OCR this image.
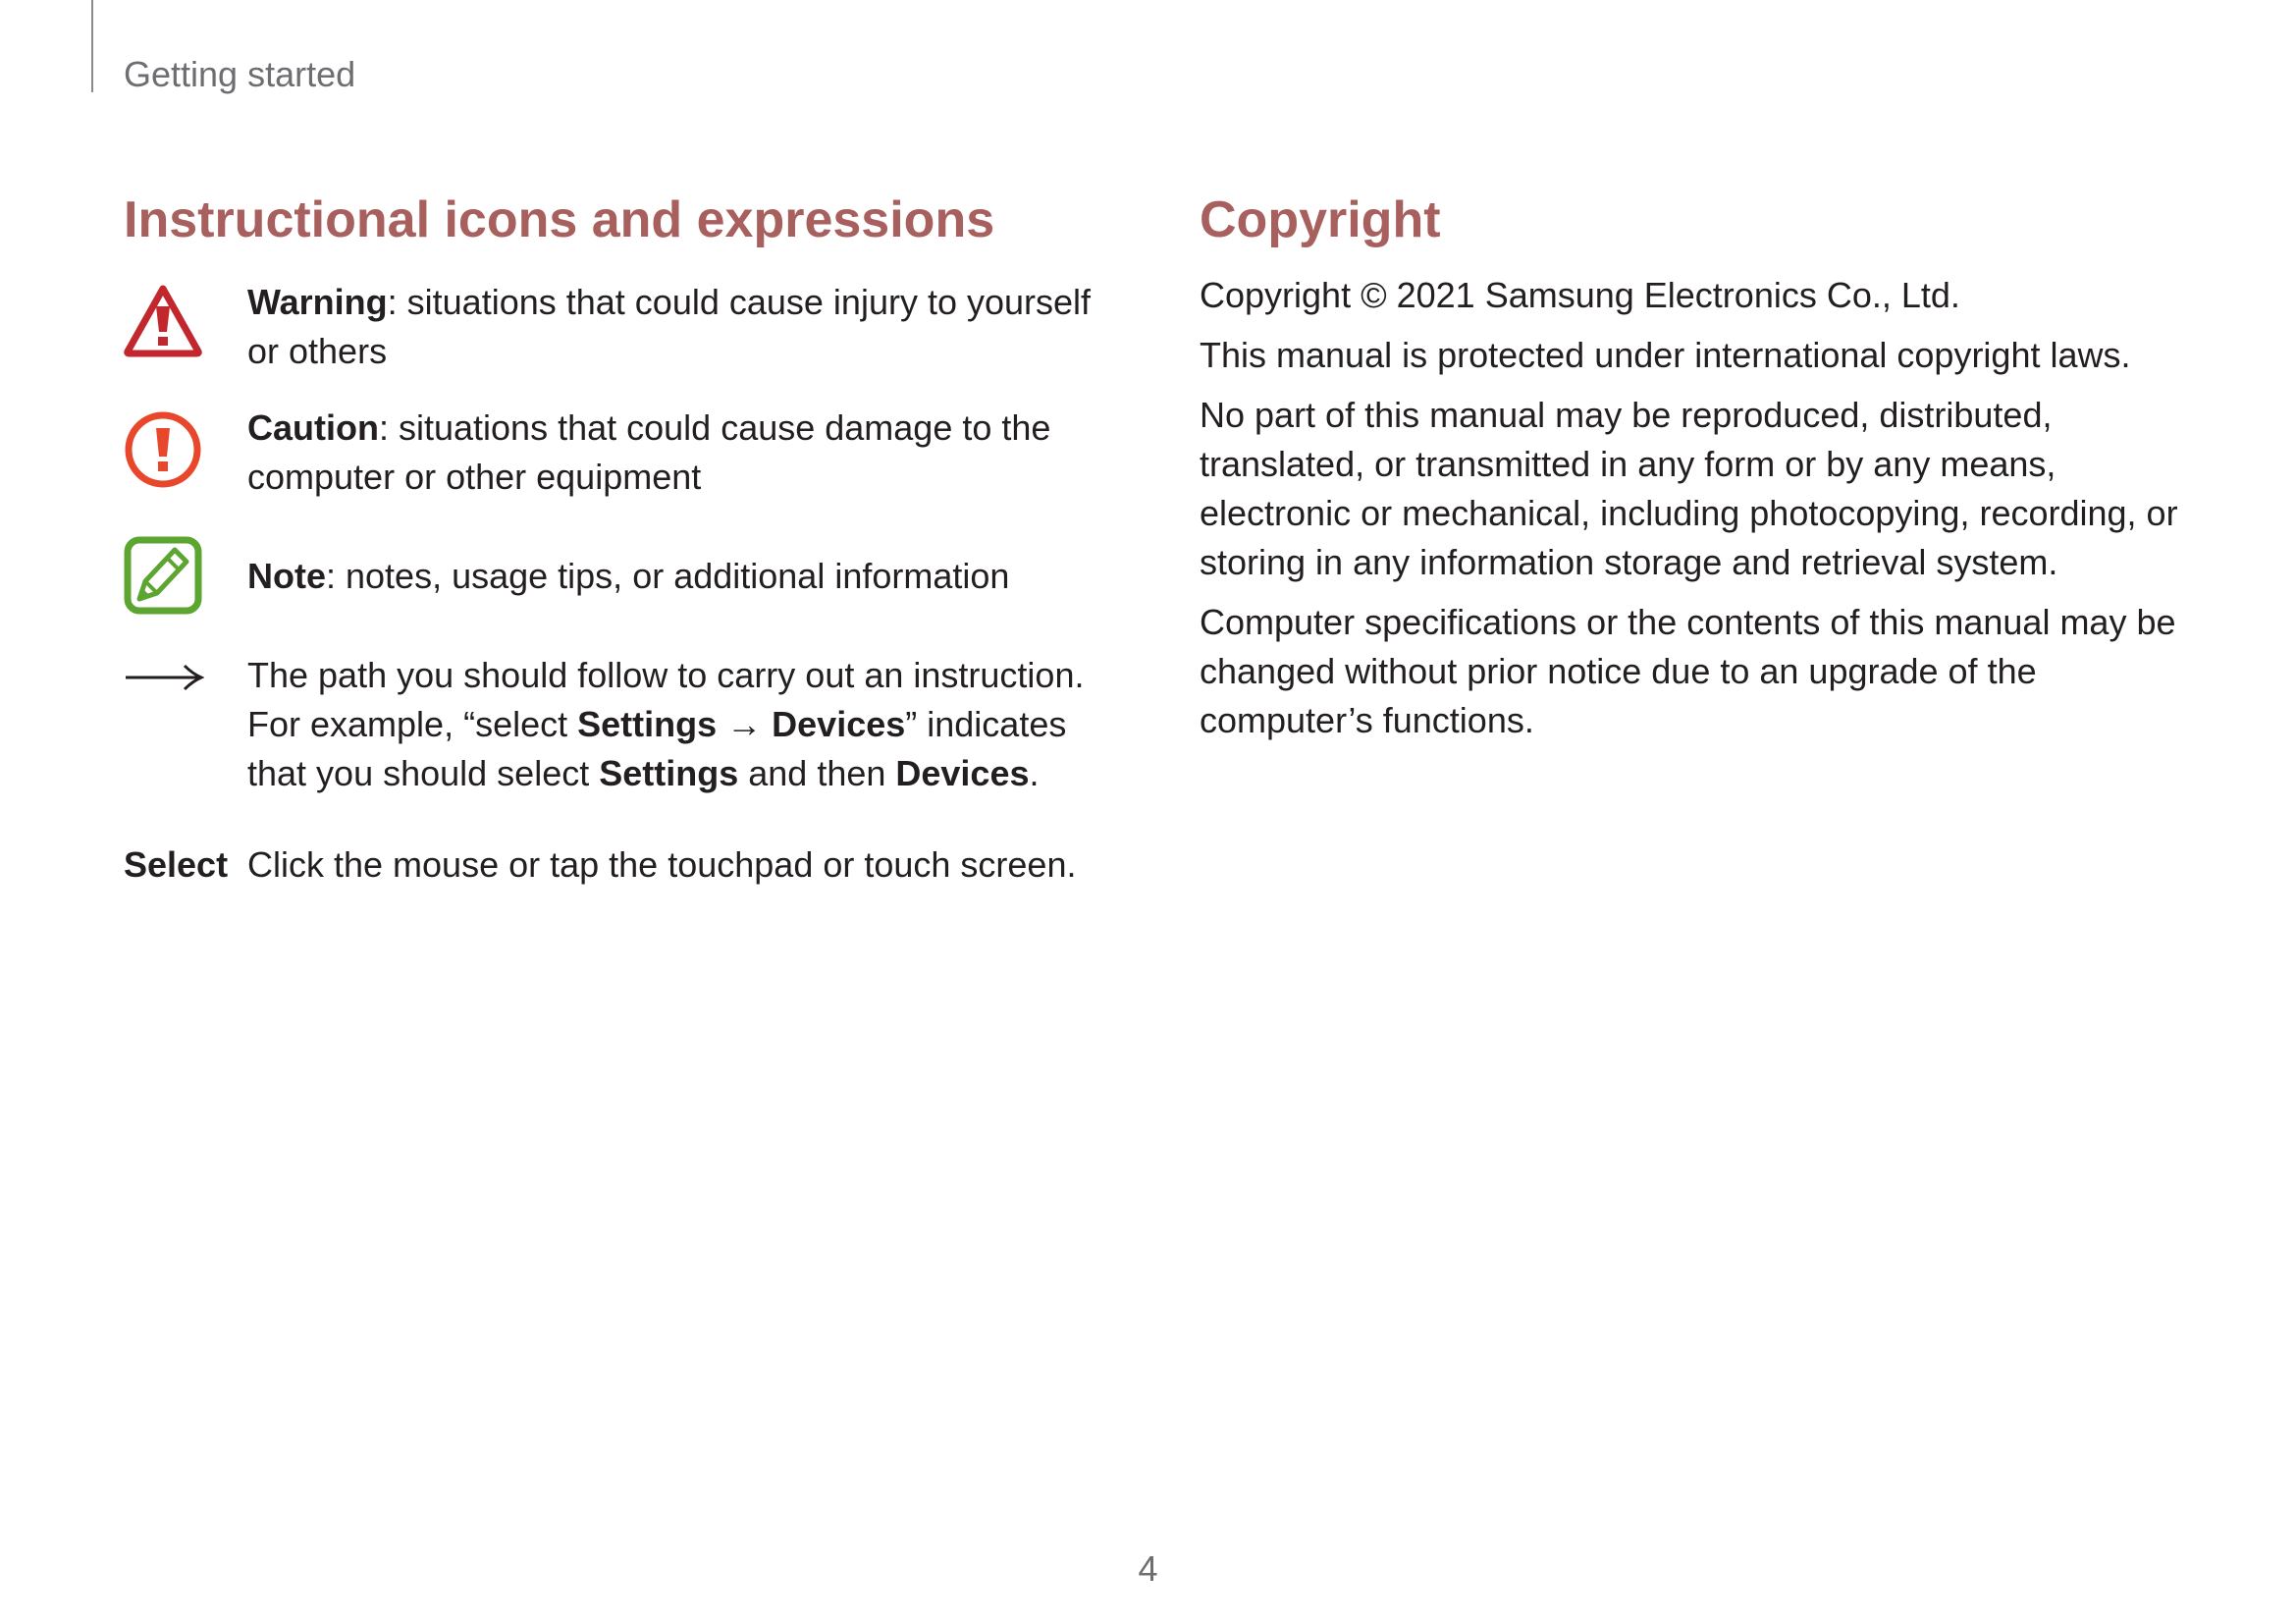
Getting started
Instructional icons and expressions
Warning: situations that could cause injury to yourself or others
Caution: situations that could cause damage to the computer or other equipment
Note: notes, usage tips, or additional information
The path you should follow to carry out an instruction. For example, “select Settings → Devices” indicates that you should select Settings and then Devices.
Select Click the mouse or tap the touchpad or touch screen.
Copyright

Copyright © 2021 Samsung Electronics Co., Ltd.

This manual is protected under international copyright laws.

No part of this manual may be reproduced, distributed, translated, or transmitted in any form or by any means, electronic or mechanical, including photocopying, recording, or storing in any information storage and retrieval system.

Computer specifications or the contents of this manual may be changed without prior notice due to an upgrade of the computer’s functions.

4
